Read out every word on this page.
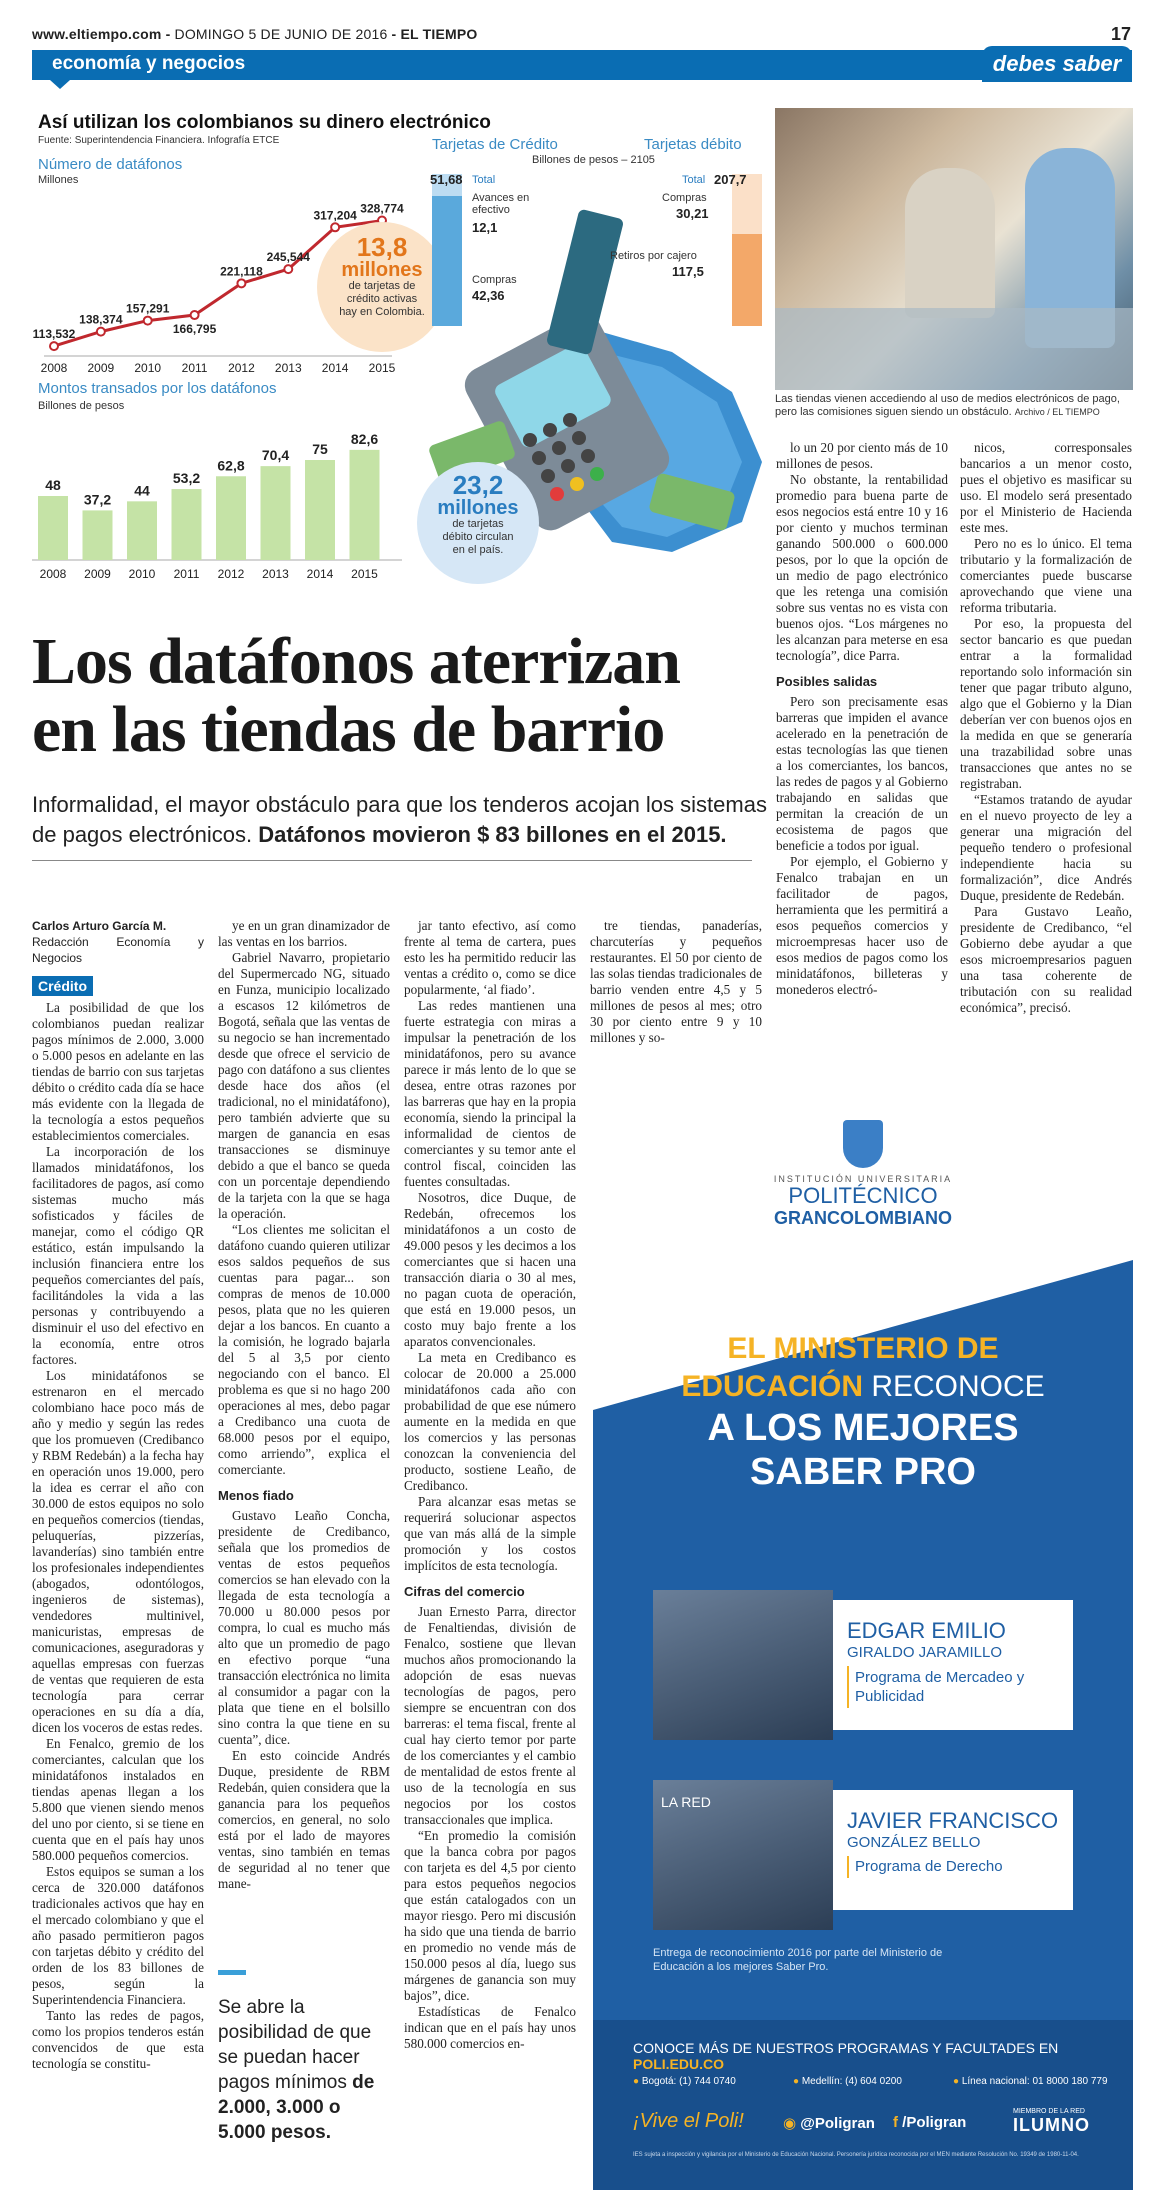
www.eltiempo.com - DOMINGO 5 DE JUNIO DE 2016 - EL TIEMPO	17
economía y negocios	debes saber
Así utilizan los colombianos su dinero electrónico
Fuente: Superintendencia Financiera. Infografía ETCE
Número de datáfonos
Millones
113,532
2008
138,374
2009
157,291
2010
166,795
2011
221,118
2012
245,544
2013
317,204
2014
328,774
2015
13,8
millones
de tarjetas de crédito activas hay en Colombia.
Montos transados por los datáfonos
Billones de pesos
48
2008
37,2
2009
44
2010
53,2
2011
62,8
2012
70,4
2013
75
2014
82,6
2015
Tarjetas de Crédito	Tarjetas débito
Billones de pesos – 2105
51,68 Total
Avances en efectivo
12,1
Compras
42,36
Total 207,7
Compras
30,21
Retiros por cajero
117,5
23,2
millones
de tarjetas débito circulan en el país.
Las tiendas vienen accediendo al uso de medios electrónicos de pago, pero las comisiones siguen siendo un obstáculo. Archivo / EL TIEMPO
Los datáfonos aterrizan en las tiendas de barrio
Informalidad, el mayor obstáculo para que los tenderos acojan los sistemas de pagos electrónicos. Datáfonos movieron $ 83 billones en el 2015.
Carlos Arturo García M.
Redacción Economía y Negocios
Crédito

La posibilidad de que los colombianos puedan realizar pagos mínimos de 2.000, 3.000 o 5.000 pesos en adelante en las tiendas de barrio con sus tarjetas débito o crédito cada día se hace más evidente con la llegada de la tecnología a estos pequeños establecimientos comerciales.

La incorporación de los llamados minidatáfonos, los facilitadores de pagos, así como sistemas mucho más sofisticados y fáciles de manejar, como el código QR estático, están impulsando la inclusión financiera entre los pequeños comerciantes del país, facilitándoles la vida a las personas y contribuyendo a disminuir el uso del efectivo en la economía, entre otros factores.

Los minidatáfonos se estrenaron en el mercado colombiano hace poco más de año y medio y según las redes que los promueven (Credibanco y RBM Redebán) a la fecha hay en operación unos 19.000, pero la idea es cerrar el año con 30.000 de estos equipos no solo en pequeños comercios (tiendas, peluquerías, pizzerías, lavanderías) sino también entre los profesionales independientes (abogados, odontólogos, ingenieros de sistemas), vendedores multinivel, manicuristas, empresas de comunicaciones, aseguradoras y aquellas empresas con fuerzas de ventas que requieren de esta tecnología para cerrar operaciones en su día a día, dicen los voceros de estas redes.

En Fenalco, gremio de los comerciantes, calculan que los minidatáfonos instalados en tiendas apenas llegan a los 5.800 que vienen siendo menos del uno por ciento, si se tiene en cuenta que en el país hay unos 580.000 pequeños comercios.

Estos equipos se suman a los cerca de 320.000 datáfonos tradicionales activos que hay en el mercado colombiano y que el año pasado permitieron pagos con tarjetas débito y crédito del orden de los 83 billones de pesos, según la Superintendencia Financiera.

Tanto las redes de pagos, como los propios tenderos están convencidos de que esta tecnología se constitu-

ye en un gran dinamizador de las ventas en los barrios.

Gabriel Navarro, propietario del Supermercado NG, situado en Funza, municipio localizado a escasos 12 kilómetros de Bogotá, señala que las ventas de su negocio se han incrementado desde que ofrece el servicio de pago con datáfono a sus clientes desde hace dos años (el tradicional, no el minidatáfono), pero también advierte que su margen de ganancia en esas transacciones se disminuye debido a que el banco se queda con un porcentaje dependiendo de la tarjeta con la que se haga la operación.

“Los clientes me solicitan el datáfono cuando quieren utilizar esos saldos pequeños de sus cuentas para pagar... son compras de menos de 10.000 pesos, plata que no les quieren dejar a los bancos. En cuanto a la comisión, he logrado bajarla del 5 al 3,5 por ciento negociando con el banco. El problema es que si no hago 200 operaciones al mes, debo pagar a Credibanco una cuota de 68.000 pesos por el equipo, como arriendo”, explica el comerciante.

Menos fiado

Gustavo Leaño Concha, presidente de Credibanco, señala que los promedios de ventas de estos pequeños comercios se han elevado con la llegada de esta tecnología a 70.000 u 80.000 pesos por compra, lo cual es mucho más alto que un promedio de pago en efectivo porque “una transacción electrónica no limita al consumidor a pagar con la plata que tiene en el bolsillo sino contra la que tiene en su cuenta”, dice.

En esto coincide Andrés Duque, presidente de RBM Redebán, quien considera que la ganancia para los pequeños comercios, en general, no solo está por el lado de mayores ventas, sino también en temas de seguridad al no tener que mane-

Se abre la posibilidad de que se puedan hacer pagos mínimos de 2.000, 3.000 o 5.000 pesos.

jar tanto efectivo, así como frente al tema de cartera, pues esto les ha permitido reducir las ventas a crédito o, como se dice popularmente, ‘al fiado’.

Las redes mantienen una fuerte estrategia con miras a impulsar la penetración de los minidatáfonos, pero su avance parece ir más lento de lo que se desea, entre otras razones por las barreras que hay en la propia economía, siendo la principal la informalidad de cientos de comerciantes y su temor ante el control fiscal, coinciden las fuentes consultadas.

Nosotros, dice Duque, de Redebán, ofrecemos los minidatáfonos a un costo de 49.000 pesos y les decimos a los comerciantes que si hacen una transacción diaria o 30 al mes, no pagan cuota de operación, que está en 19.000 pesos, un costo muy bajo frente a los aparatos convencionales.

La meta en Credibanco es colocar de 20.000 a 25.000 minidatáfonos cada año con probabilidad de que ese número aumente en la medida en que los comercios y las personas conozcan la conveniencia del producto, sostiene Leaño, de Credibanco.

Para alcanzar esas metas se requerirá solucionar aspectos que van más allá de la simple promoción y los costos implícitos de esta tecnología.

Cifras del comercio

Juan Ernesto Parra, director de Fenaltiendas, división de Fenalco, sostiene que llevan muchos años promocionando la adopción de esas nuevas tecnologías de pagos, pero siempre se encuentran con dos barreras: el tema fiscal, frente al cual hay cierto temor por parte de los comerciantes y el cambio de mentalidad de estos frente al uso de la tecnología en sus negocios por los costos transaccionales que implica.

“En promedio la comisión que la banca cobra por pagos con tarjeta es del 4,5 por ciento para estos pequeños negocios que están catalogados con un mayor riesgo. Pero mi discusión ha sido que una tienda de barrio en promedio no vende más de 150.000 pesos al día, luego sus márgenes de ganancia son muy bajos”, dice.

Estadísticas de Fenalco indican que en el país hay unos 580.000 comercios en-

tre tiendas, panaderías, charcuterías y pequeños restaurantes. El 50 por ciento de las solas tiendas tradicionales de barrio venden entre 4,5 y 5 millones de pesos al mes; otro 30 por ciento entre 9 y 10 millones y so-

lo un 20 por ciento más de 10 millones de pesos.

No obstante, la rentabilidad promedio para buena parte de esos negocios está entre 10 y 16 por ciento y muchos terminan ganando 500.000 o 600.000 pesos, por lo que la opción de un medio de pago electrónico que les retenga una comisión sobre sus ventas no es vista con buenos ojos. “Los márgenes no les alcanzan para meterse en esa tecnología”, dice Parra.

Posibles salidas

Pero son precisamente esas barreras que impiden el avance acelerado en la penetración de estas tecnologías las que tienen a los comerciantes, los bancos, las redes de pagos y al Gobierno trabajando en salidas que permitan la creación de un ecosistema de pagos que beneficie a todos por igual.

Por ejemplo, el Gobierno y Fenalco trabajan en un facilitador de pagos, herramienta que les permitirá a esos pequeños comercios y microempresas hacer uso de esos medios de pagos como los minidatáfonos, billeteras y monederos electró-

nicos, corresponsales bancarios a un menor costo, pues el objetivo es masificar su uso. El modelo será presentado por el Ministerio de Hacienda este mes.

Pero no es lo único. El tema tributario y la formalización de comerciantes puede buscarse aprovechando que viene una reforma tributaria.

Por eso, la propuesta del sector bancario es que puedan entrar a la formalidad reportando solo información sin tener que pagar tributo alguno, algo que el Gobierno y la Dian deberían ver con buenos ojos en la medida en que se generaría una trazabilidad sobre unas transacciones que antes no se registraban.

“Estamos tratando de ayudar en el nuevo proyecto de ley a generar una migración del pequeño tendero o profesional independiente hacia su formalización”, dice Andrés Duque, presidente de Redebán.

Para Gustavo Leaño, presidente de Credibanco, “el Gobierno debe ayudar a que esos microempresarios paguen una tasa coherente de tributación con su realidad económica”, precisó.

INSTITUCIÓN UNIVERSITARIA
POLITÉCNICO
GRANCOLOMBIANO
EL MINISTERIO DE
EDUCACIÓN RECONOCE
A LOS MEJORES
SABER PRO
EDGAR EMILIO
GIRALDO JARAMILLO
Programa de Mercadeo y Publicidad
LA RED
JAVIER FRANCISCO
GONZÁLEZ BELLO
Programa de Derecho
Entrega de reconocimiento 2016 por parte del Ministerio de Educación a los mejores Saber Pro.
CONOCE MÁS DE NUESTROS PROGRAMAS Y FACULTADES EN POLI.EDU.CO
● Bogotá: (1) 744 0740	● Medellín: (4) 604 0200	● Línea nacional: 01 8000 180 779
¡Vive el Poli!	◉ @Poligran f /Poligran
MIEMBRO DE LA RED
ILUMNO
IES sujeta a inspección y vigilancia por el Ministerio de Educación Nacional. Personería jurídica reconocida por el MEN mediante Resolución No. 19349 de 1980-11-04.
